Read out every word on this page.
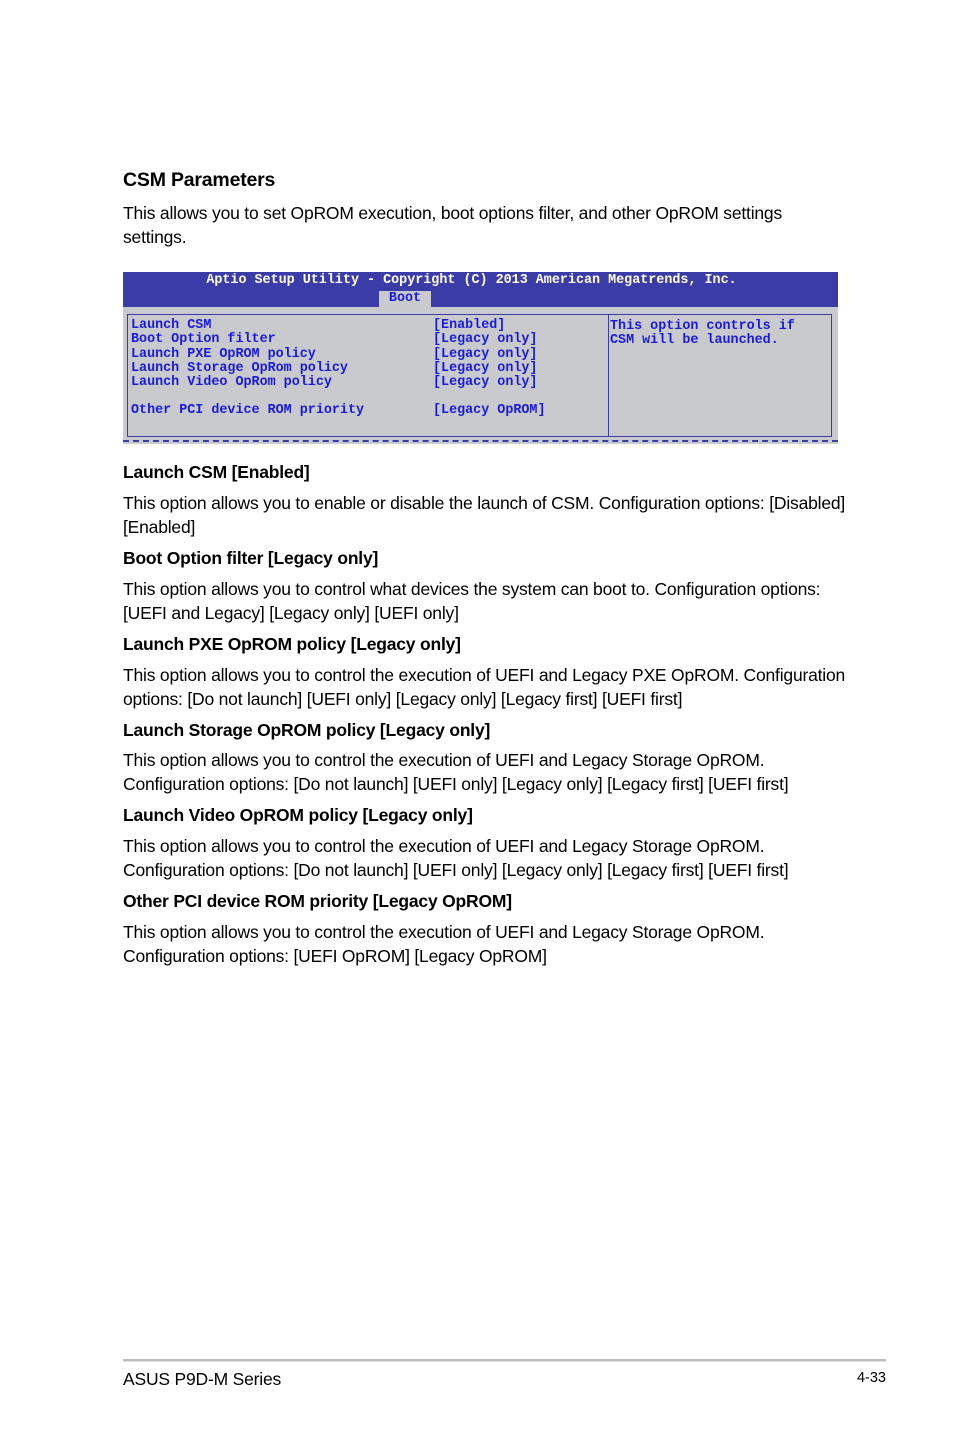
CSM Parameters

This allows you to set OpROM execution, boot options filter, and other OpROM settings settings.

Aptio Setup Utility - Copyright (C) 2013 American Megatrends, Inc.
Boot
Launch CSM	[Enabled]
Boot Option filter	[Legacy only]
Launch PXE OpROM policy	[Legacy only]
Launch Storage OpRom policy	[Legacy only]
Launch Video OpRom policy	[Legacy only]
Other PCI device ROM priority	[Legacy OpROM]
This option controls if
CSM will be launched.
Launch CSM [Enabled]

This option allows you to enable or disable the launch of CSM. Configuration options: [Disabled] [Enabled]

Boot Option filter [Legacy only]

This option allows you to control what devices the system can boot to. Configuration options: [UEFI and Legacy] [Legacy only] [UEFI only]

Launch PXE OpROM policy [Legacy only]

This option allows you to control the execution of UEFI and Legacy PXE OpROM. Configuration options: [Do not launch] [UEFI only] [Legacy only] [Legacy first] [UEFI first]

Launch Storage OpROM policy [Legacy only]

This option allows you to control the execution of UEFI and Legacy Storage OpROM. Configuration options: [Do not launch] [UEFI only] [Legacy only] [Legacy first] [UEFI first]

Launch Video OpROM policy [Legacy only]

This option allows you to control the execution of UEFI and Legacy Storage OpROM. Configuration options: [Do not launch] [UEFI only] [Legacy only] [Legacy first] [UEFI first]

Other PCI device ROM priority [Legacy OpROM]

This option allows you to control the execution of UEFI and Legacy Storage OpROM. Configuration options: [UEFI OpROM] [Legacy OpROM]

ASUS P9D-M Series	4-33
